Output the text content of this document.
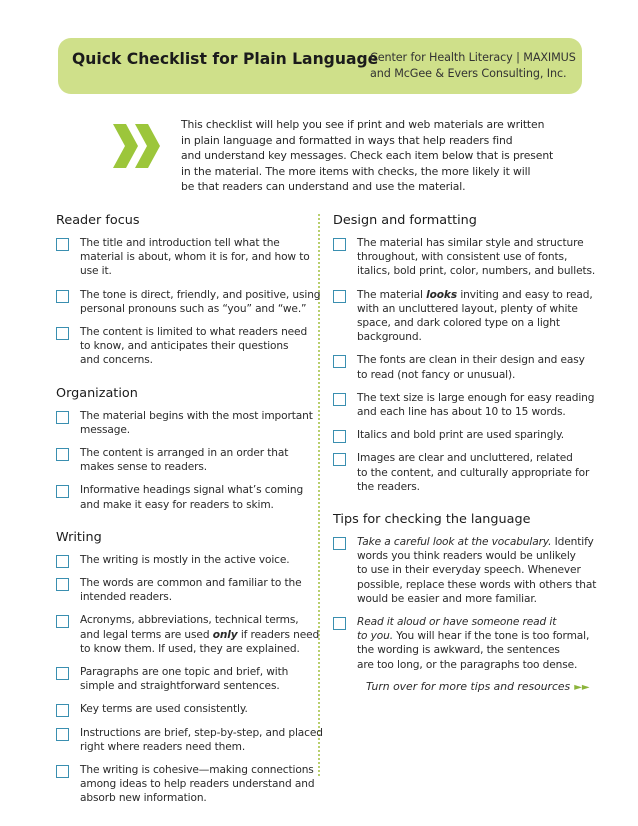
Quick Checklist for Plain Language
Center for Health Literacy | MAXIMUS
and McGee & Evers Consulting, Inc.
This checklist will help you see if print and web materials are written
in plain language and formatted in ways that help readers find
and understand key messages. Check each item below that is present
in the material. The more items with checks, the more likely it will
be that readers can understand and use the material.
Reader focus
The title and introduction tell what the
material is about, whom it is for, and how to
use it.
The tone is direct, friendly, and positive, using
personal pronouns such as “you” and “we.”
The content is limited to what readers need
to know, and anticipates their questions
and concerns.
Organization
The material begins with the most important
message.
The content is arranged in an order that
makes sense to readers.
Informative headings signal what’s coming
and make it easy for readers to skim.
Writing
The writing is mostly in the active voice.
The words are common and familiar to the
intended readers.
Acronyms, abbreviations, technical terms,
and legal terms are used only if readers need
to know them. If used, they are explained.
Paragraphs are one topic and brief, with
simple and straightforward sentences.
Key terms are used consistently.
Instructions are brief, step-by-step, and placed
right where readers need them.
The writing is cohesive—making connections
among ideas to help readers understand and
absorb new information.
Design and formatting
The material has similar style and structure
throughout, with consistent use of fonts,
italics, bold print, color, numbers, and bullets.
The material looks inviting and easy to read,
with an uncluttered layout, plenty of white
space, and dark colored type on a light
background.
The fonts are clean in their design and easy
to read (not fancy or unusual).
The text size is large enough for easy reading
and each line has about 10 to 15 words.
Italics and bold print are used sparingly.
Images are clear and uncluttered, related
to the content, and culturally appropriate for
the readers.
Tips for checking the language
Take a careful look at the vocabulary. Identify
words you think readers would be unlikely
to use in their everyday speech. Whenever
possible, replace these words with others that
would be easier and more familiar.
Read it aloud or have someone read it
to you. You will hear if the tone is too formal,
the wording is awkward, the sentences
are too long, or the paragraphs too dense.
Turn over for more tips and resources ►►
